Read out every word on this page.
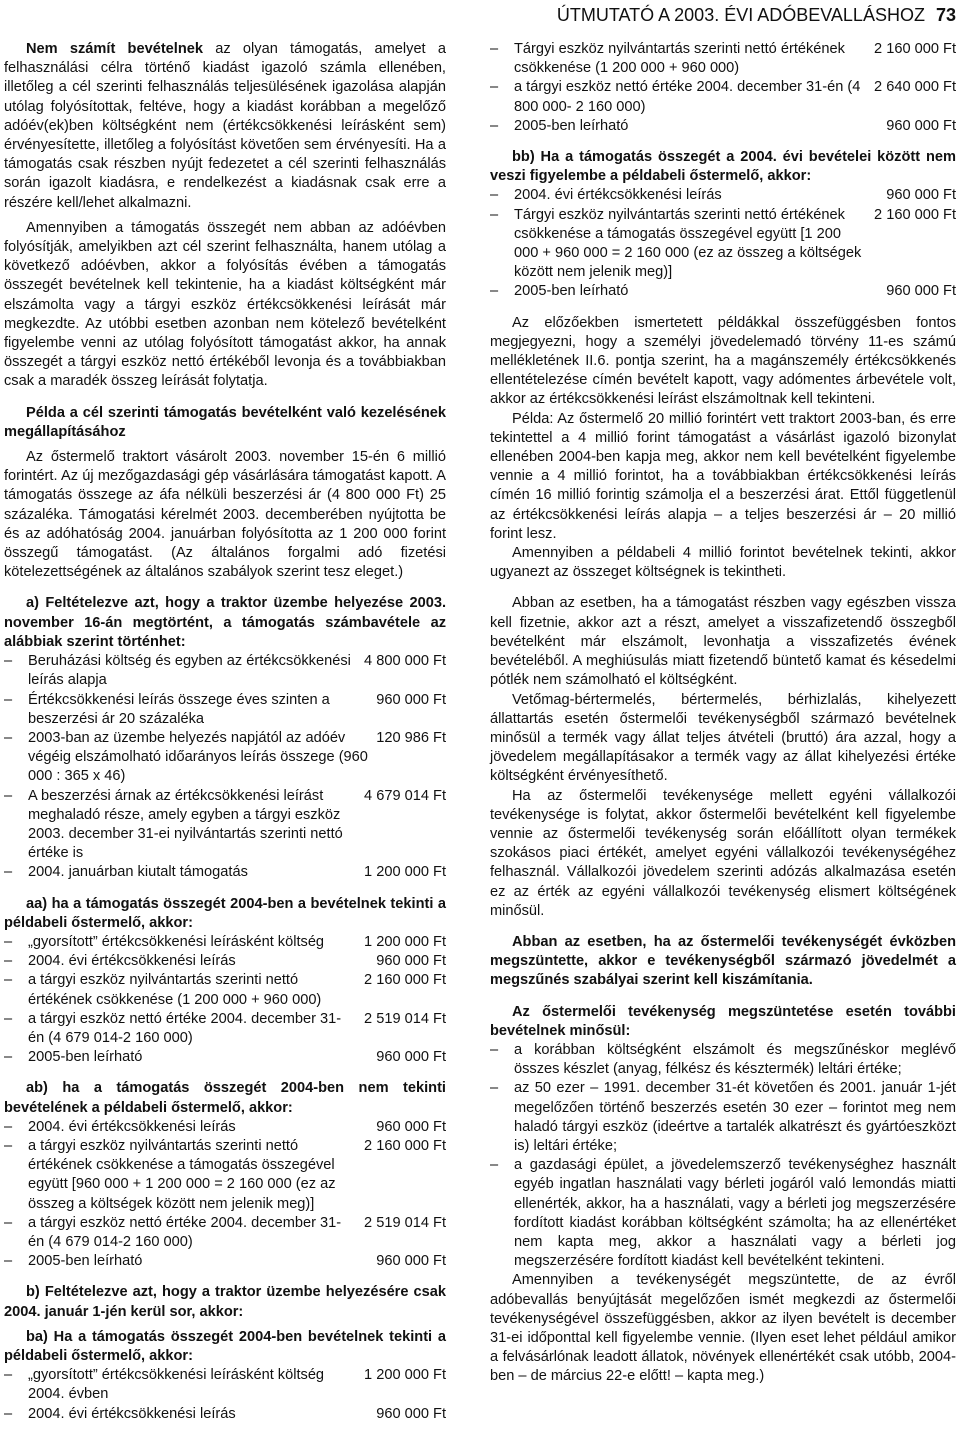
ÚTMUTATÓ A 2003. ÉVI ADÓBEVALLÁSHOZ 73

Nem számít bevételnek az olyan támogatás, amelyet a felhasználási célra történő kiadást igazoló számla ellenében, illetőleg a cél szerinti felhasználás teljesülésének igazolása alapján utólag folyósítottak, feltéve, hogy a kiadást korábban a megelőző adóév(ek)ben költségként nem (értékcsökkenési leírásként sem) érvényesítette, illetőleg a folyósítást követően sem érvényesíti. Ha a támogatás csak részben nyújt fedezetet a cél szerinti felhasználás során igazolt kiadásra, e rendelkezést a kiadásnak csak erre a részére kell/lehet alkalmazni.

Amennyiben a támogatás összegét nem abban az adóévben folyósítják, amelyikben azt cél szerint felhasználta, hanem utólag a következő adóévben, akkor a folyósítás évében a támogatás összegét bevételnek kell tekintenie, ha a kiadást költségként már elszámolta vagy a tárgyi eszköz értékcsökkenési leírását már megkezdte. Az utóbbi esetben azonban nem kötelező bevételként figyelembe venni az utólag folyósított támogatást akkor, ha annak összegét a tárgyi eszköz nettó értékéből levonja és a továbbiakban csak a maradék összeg leírását folytatja.

Példa a cél szerinti támogatás bevételként való kezelésének megállapításához

Az őstermelő traktort vásárolt 2003. november 15-én 6 millió forintért. Az új mezőgazdasági gép vásárlására támogatást kapott. A támogatás összege az áfa nélküli beszerzési ár (4 800 000 Ft) 25 százaléka. Támogatási kérelmét 2003. decemberében nyújtotta be és az adóhatóság 2004. januárban folyósította az 1 200 000 forint összegű támogatást. (Az általános forgalmi adó fizetési kötelezettségének az általános szabályok szerint tesz eleget.)

a) Feltételezve azt, hogy a traktor üzembe helyezése 2003. november 16-án megtörtént, a támogatás számbavétele az alábbiak szerint történhet:

– Beruházási költség és egyben az értékcsökkenési leírás alapja
4 800 000 Ft
– Értékcsökkenési leírás összege éves szinten a beszerzési ár 20 százaléka
960 000 Ft
– 2003-ban az üzembe helyezés napjától az adóév végéig elszámolható időarányos leírás összege (960 000 : 365 x 46)
120 986 Ft
– A beszerzési árnak az értékcsökkenési leírást meghaladó része, amely egyben a tárgyi eszköz 2003. december 31-ei nyilvántartás szerinti nettó értéke is
4 679 014 Ft
– 2004. januárban kiutalt támogatás	1 200 000 Ft

aa) ha a támogatás összegét 2004-ben a bevételnek tekinti a példabeli őstermelő, akkor:

– „gyorsított” értékcsökkenési leírásként költség	1 200 000 Ft
– 2004. évi értékcsökkenési leírás	960 000 Ft
– a tárgyi eszköz nyilvántartás szerinti nettó értékének csökkenése (1 200 000 + 960 000)
2 160 000 Ft
– a tárgyi eszköz nettó értéke 2004. december 31-én (4 679 014-2 160 000)
2 519 014 Ft
– 2005-ben leírható	960 000 Ft

ab) ha a támogatás összegét 2004-ben nem tekinti bevételének a példabeli őstermelő, akkor:

– 2004. évi értékcsökkenési leírás	960 000 Ft
– a tárgyi eszköz nyilvántartás szerinti nettó értékének csökkenése a támogatás összegével együtt [960 000 + 1 200 000 = 2 160 000 (ez az összeg a költségek között nem jelenik meg)]
2 160 000 Ft
– a tárgyi eszköz nettó értéke 2004. december 31-én (4 679 014-2 160 000)
2 519 014 Ft
– 2005-ben leírható	960 000 Ft

b) Feltételezve azt, hogy a traktor üzembe helyezésére csak 2004. január 1-jén kerül sor, akkor:

ba) Ha a támogatás összegét 2004-ben bevételnek tekinti a példabeli őstermelő, akkor:

– „gyorsított” értékcsökkenési leírásként költség 2004. évben
1 200 000 Ft
– 2004. évi értékcsökkenési leírás	960 000 Ft
– Tárgyi eszköz nyilvántartás szerinti nettó értékének csökkenése (1 200 000 + 960 000)
2 160 000 Ft
– a tárgyi eszköz nettó értéke 2004. december 31-én (4 800 000- 2 160 000)
2 640 000 Ft
– 2005-ben leírható	960 000 Ft

bb) Ha a támogatás összegét a 2004. évi bevételei között nem veszi figyelembe a példabeli őstermelő, akkor:

– 2004. évi értékcsökkenési leírás	960 000 Ft
– Tárgyi eszköz nyilvántartás szerinti nettó értékének csökkenése a támogatás összegével együtt [1 200 000 + 960 000 = 2 160 000 (ez az összeg a költségek között nem jelenik meg)]
2 160 000 Ft
– 2005-ben leírható	960 000 Ft

Az előzőekben ismertetett példákkal összefüggésben fontos megjegyezni, hogy a személyi jövedelemadó törvény 11-es számú mellékletének II.6. pontja szerint, ha a magánszemély értékcsökkenés ellentételezése címén bevételt kapott, vagy adómentes árbevétele volt, akkor az értékcsökkenési leírást elszámoltnak kell tekinteni.

Példa: Az őstermelő 20 millió forintért vett traktort 2003-ban, és erre tekintettel a 4 millió forint támogatást a vásárlást igazoló bizonylat ellenében 2004-ben kapja meg, akkor nem kell bevételként figyelembe vennie a 4 millió forintot, ha a továbbiakban értékcsökkenési leírás címén 16 millió forintig számolja el a beszerzési árat. Ettől függetlenül az értékcsökkenési leírás alapja – a teljes beszerzési ár – 20 millió forint lesz.

Amennyiben a példabeli 4 millió forintot bevételnek tekinti, akkor ugyanezt az összeget költségnek is tekintheti.

Abban az esetben, ha a támogatást részben vagy egészben vissza kell fizetnie, akkor azt a részt, amelyet a visszafizetendő összegből bevételként már elszámolt, levonhatja a visszafizetés évének bevételéből. A meghiúsulás miatt fizetendő büntető kamat és késedelmi pótlék nem számolható el költségként.

Vetőmag-bértermelés, bértermelés, bérhizlalás, kihelyezett állattartás esetén őstermelői tevékenységből származó bevételnek minősül a termék vagy állat teljes átvételi (bruttó) ára azzal, hogy a jövedelem megállapításakor a termék vagy az állat kihelyezési értéke költségként érvényesíthető.

Ha az őstermelői tevékenysége mellett egyéni vállalkozói tevékenysége is folytat, akkor őstermelői bevételként kell figyelembe vennie az őstermelői tevékenység során előállított olyan termékek szokásos piaci értékét, amelyet egyéni vállalkozói tevékenységéhez felhasznál. Vállalkozói jövedelem szerinti adózás alkalmazása esetén ez az érték az egyéni vállalkozói tevékenység elismert költségének minősül.

Abban az esetben, ha az őstermelői tevékenységét évközben megszüntette, akkor e tevékenységből származó jövedelmét a megszűnés szabályai szerint kell kiszámítania.

Az őstermelői tevékenység megszüntetése esetén további bevételnek minősül:

– a korábban költségként elszámolt és megszűnéskor meglévő összes készlet (anyag, félkész és késztermék) leltári értéke;
– az 50 ezer – 1991. december 31-ét követően és 2001. január 1-jét megelőzően történő beszerzés esetén 30 ezer – forintot meg nem haladó tárgyi eszköz (ideértve a tartalék alkatrészt és gyártóeszközt is) leltári értéke;
– a gazdasági épület, a jövedelemszerző tevékenységhez használt egyéb ingatlan használati vagy bérleti jogáról való lemondás miatti ellenérték, akkor, ha a használati, vagy a bérleti jog megszerzésére fordított kiadást korábban költségként számolta; ha az ellenértéket nem kapta meg, akkor a használati vagy a bérleti jog megszerzésére fordított kiadást kell bevételként tekinteni.

Amennyiben a tevékenységét megszüntette, de az évről adóbevallás benyújtását megelőzően ismét megkezdi az őstermelői tevékenységével összefüggésben, akkor az ilyen bevételt is december 31-ei időponttal kell figyelembe vennie. (Ilyen eset lehet például amikor a felvásárlónak leadott állatok, növények ellenértékét csak utóbb, 2004-ben – de március 22-e előtt! – kapta meg.)
